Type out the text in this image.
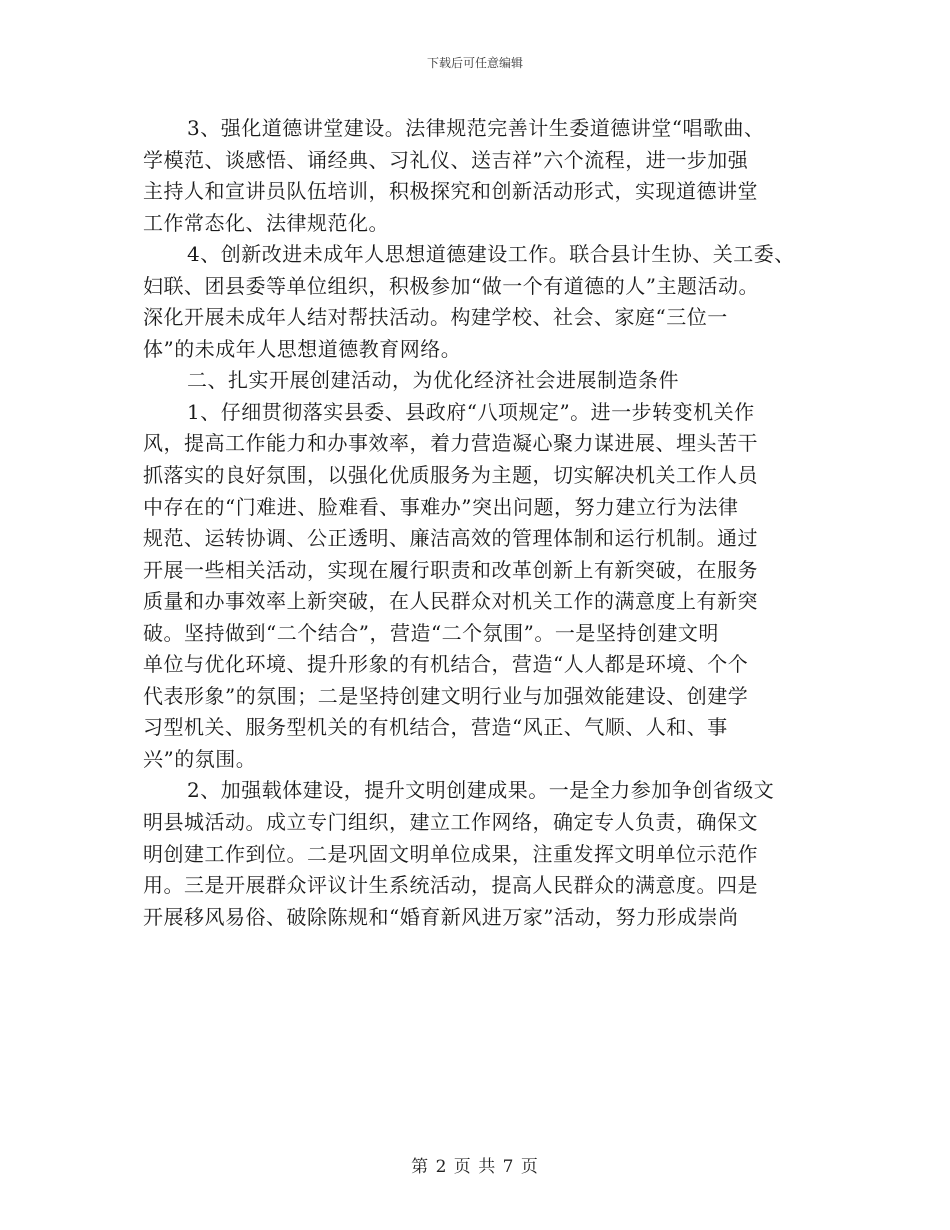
下载后可任意编辑
3、强化道德讲堂建设。法律规范完善计生委道德讲堂“唱歌曲、
学模范、谈感悟、诵经典、习礼仪、送吉祥”六个流程，进一步加强
主持人和宣讲员队伍培训，积极探究和创新活动形式，实现道德讲堂
工作常态化、法律规范化。
4、创新改进未成年人思想道德建设工作。联合县计生协、关工委、
妇联、团县委等单位组织，积极参加“做一个有道德的人”主题活动。
深化开展未成年人结对帮扶活动。构建学校、社会、家庭“三位一
体”的未成年人思想道德教育网络。
二、扎实开展创建活动，为优化经济社会进展制造条件
1、仔细贯彻落实县委、县政府“八项规定”。进一步转变机关作
风，提高工作能力和办事效率，着力营造凝心聚力谋进展、埋头苦干
抓落实的良好氛围，以强化优质服务为主题，切实解决机关工作人员
中存在的“门难进、脸难看、事难办”突出问题，努力建立行为法律
规范、运转协调、公正透明、廉洁高效的管理体制和运行机制。通过
开展一些相关活动，实现在履行职责和改革创新上有新突破，在服务
质量和办事效率上新突破，在人民群众对机关工作的满意度上有新突
破。坚持做到“二个结合”，营造“二个氛围”。一是坚持创建文明
单位与优化环境、提升形象的有机结合，营造“人人都是环境、个个
代表形象”的氛围；二是坚持创建文明行业与加强效能建设、创建学
习型机关、服务型机关的有机结合，营造“风正、气顺、人和、事
兴”的氛围。
2、加强载体建设，提升文明创建成果。一是全力参加争创省级文
明县城活动。成立专门组织，建立工作网络，确定专人负责，确保文
明创建工作到位。二是巩固文明单位成果，注重发挥文明单位示范作
用。三是开展群众评议计生系统活动，提高人民群众的满意度。四是
开展移风易俗、破除陈规和“婚育新风进万家”活动，努力形成崇尚
第 2 页 共 7 页
